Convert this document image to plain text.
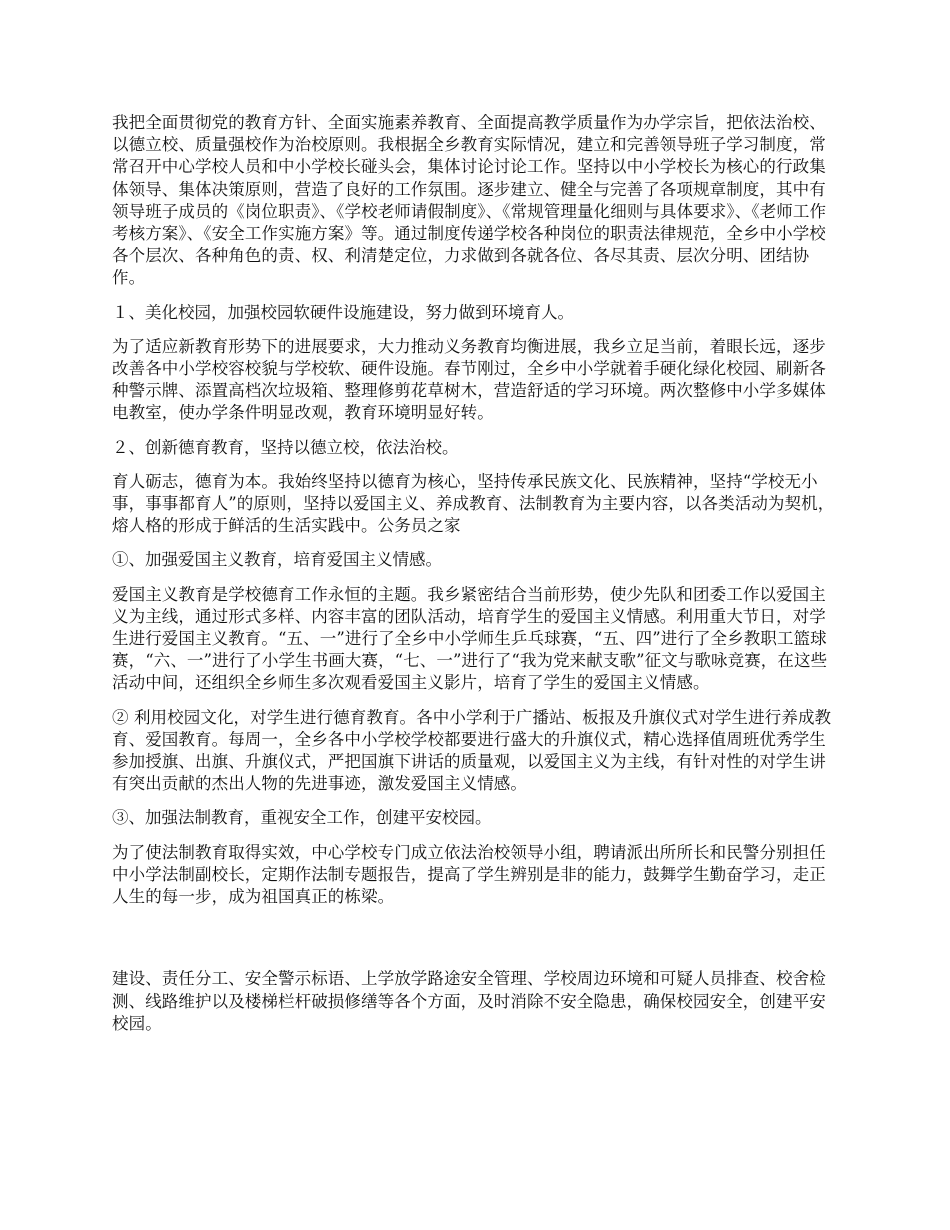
我把全面贯彻党的教育方针、全面实施素养教育、全面提高教学质量作为办学宗旨，把依法治校、以德立校、质量强校作为治校原则。我根据全乡教育实际情况，建立和完善领导班子学习制度，常常召开中心学校人员和中小学校长碰头会，集体讨论讨论工作。坚持以中小学校长为核心的行政集体领导、集体决策原则，营造了良好的工作氛围。逐步建立、健全与完善了各项规章制度，其中有领导班子成员的《岗位职责》、《学校老师请假制度》、《常规管理量化细则与具体要求》、《老师工作考核方案》、《安全工作实施方案》等。通过制度传递学校各种岗位的职责法律规范，全乡中小学校各个层次、各种角色的责、权、利清楚定位，力求做到各就各位、各尽其责、层次分明、团结协作。

１、美化校园，加强校园软硬件设施建设，努力做到环境育人。

为了适应新教育形势下的进展要求，大力推动义务教育均衡进展，我乡立足当前，着眼长远，逐步改善各中小学校容校貌与学校软、硬件设施。春节刚过，全乡中小学就着手硬化绿化校园、刷新各种警示牌、添置高档次垃圾箱、整理修剪花草树木，营造舒适的学习环境。两次整修中小学多媒体电教室，使办学条件明显改观，教育环境明显好转。

２、创新德育教育，坚持以德立校，依法治校。

育人砺志，德育为本。我始终坚持以德育为核心，坚持传承民族文化、民族精神，坚持“学校无小事，事事都育人”的原则，坚持以爱国主义、养成教育、法制教育为主要内容，以各类活动为契机，熔人格的形成于鲜活的生活实践中。公务员之家

①、加强爱国主义教育，培育爱国主义情感。

爱国主义教育是学校德育工作永恒的主题。我乡紧密结合当前形势，使少先队和团委工作以爱国主义为主线，通过形式多样、内容丰富的团队活动，培育学生的爱国主义情感。利用重大节日，对学生进行爱国主义教育。“五、一”进行了全乡中小学师生乒乓球赛，“五、四”进行了全乡教职工篮球赛，“六、一”进行了小学生书画大赛，“七、一”进行了“我为党来献支歌”征文与歌咏竞赛，在这些活动中间，还组织全乡师生多次观看爱国主义影片，培育了学生的爱国主义情感。

② 利用校园文化，对学生进行德育教育。各中小学利于广播站、板报及升旗仪式对学生进行养成教育、爱国教育。每周一，全乡各中小学校学校都要进行盛大的升旗仪式，精心选择值周班优秀学生参加授旗、出旗、升旗仪式，严把国旗下讲话的质量观，以爱国主义为主线，有针对性的对学生讲有突出贡献的杰出人物的先进事迹，激发爱国主义情感。

③、加强法制教育，重视安全工作，创建平安校园。

为了使法制教育取得实效，中心学校专门成立依法治校领导小组，聘请派出所所长和民警分别担任中小学法制副校长，定期作法制专题报告，提高了学生辨别是非的能力，鼓舞学生勤奋学习，走正人生的每一步，成为祖国真正的栋梁。

建设、责任分工、安全警示标语、上学放学路途安全管理、学校周边环境和可疑人员排查、校舍检测、线路维护以及楼梯栏杆破损修缮等各个方面，及时消除不安全隐患，确保校园安全，创建平安校园。
